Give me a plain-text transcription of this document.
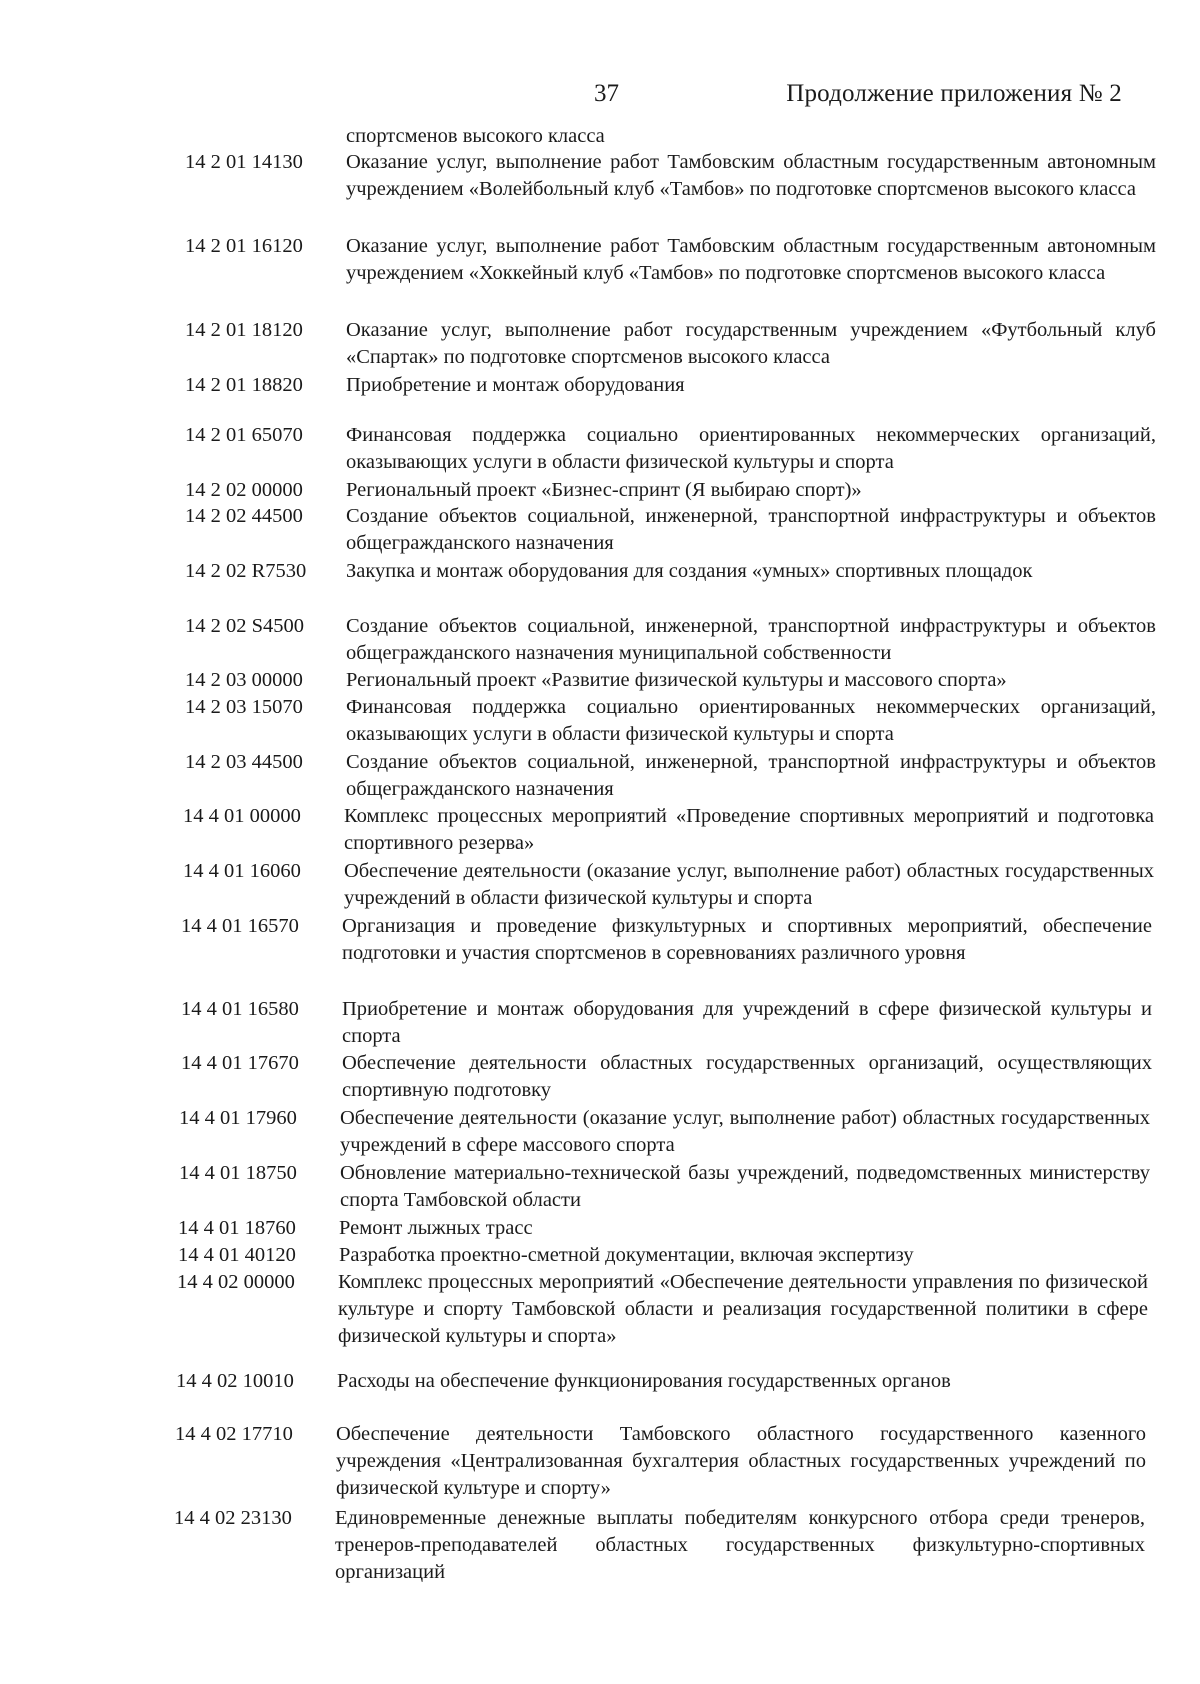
37	Продолжение приложения № 2
спортсменов высокого класса
14 2 01 14130	Оказание услуг, выполнение работ Тамбовским областным государственным автономным учреждением «Волейбольный клуб «Тамбов» по подготовке спортсменов высокого класса
14 2 01 16120	Оказание услуг, выполнение работ Тамбовским областным государственным автономным учреждением «Хоккейный клуб «Тамбов» по подготовке спортсменов высокого класса
14 2 01 18120	Оказание услуг, выполнение работ государственным учреждением «Футбольный клуб «Спартак» по подготовке спортсменов высокого класса
14 2 01 18820	Приобретение и монтаж оборудования
14 2 01 65070	Финансовая поддержка социально ориентированных некоммерческих организаций, оказывающих услуги в области физической культуры и спорта
14 2 02 00000	Региональный проект «Бизнес-спринт (Я выбираю спорт)»
14 2 02 44500	Создание объектов социальной, инженерной, транспортной инфраструктуры и объектов общегражданского назначения
14 2 02 R7530	Закупка и монтаж оборудования для создания «умных» спортивных площадок
14 2 02 S4500	Создание объектов социальной, инженерной, транспортной инфраструктуры и объектов общегражданского назначения муниципальной собственности
14 2 03 00000	Региональный проект «Развитие физической культуры и массового спорта»
14 2 03 15070	Финансовая поддержка социально ориентированных некоммерческих организаций, оказывающих услуги в области физической культуры и спорта
14 2 03 44500	Создание объектов социальной, инженерной, транспортной инфраструктуры и объектов общегражданского назначения
14 4 01 00000	Комплекс процессных мероприятий «Проведение спортивных мероприятий и подготовка спортивного резерва»
14 4 01 16060	Обеспечение деятельности (оказание услуг, выполнение работ) областных государственных учреждений в области физической культуры и спорта
14 4 01 16570	Организация и проведение физкультурных и спортивных мероприятий, обеспечение подготовки и участия спортсменов в соревнованиях различного уровня
14 4 01 16580	Приобретение и монтаж оборудования для учреждений в сфере физической культуры и спорта
14 4 01 17670	Обеспечение деятельности областных государственных организаций, осуществляющих спортивную подготовку
14 4 01 17960	Обеспечение деятельности (оказание услуг, выполнение работ) областных государственных учреждений в сфере массового спорта
14 4 01 18750	Обновление материально-технической базы учреждений, подведомственных министерству спорта Тамбовской области
14 4 01 18760	Ремонт лыжных трасс
14 4 01 40120	Разработка проектно-сметной документации, включая экспертизу
14 4 02 00000	Комплекс процессных мероприятий «Обеспечение деятельности управления по физической культуре и спорту Тамбовской области и реализация государственной политики в сфере физической культуры и спорта»
14 4 02 10010	Расходы на обеспечение функционирования государственных органов
14 4 02 17710	Обеспечение деятельности Тамбовского областного государственного казенного учреждения «Централизованная бухгалтерия областных государственных учреждений по физической культуре и спорту»
14 4 02 23130	Единовременные денежные выплаты победителям конкурсного отбора среди тренеров, тренеров-преподавателей областных государственных физкультурно-спортивных организаций
